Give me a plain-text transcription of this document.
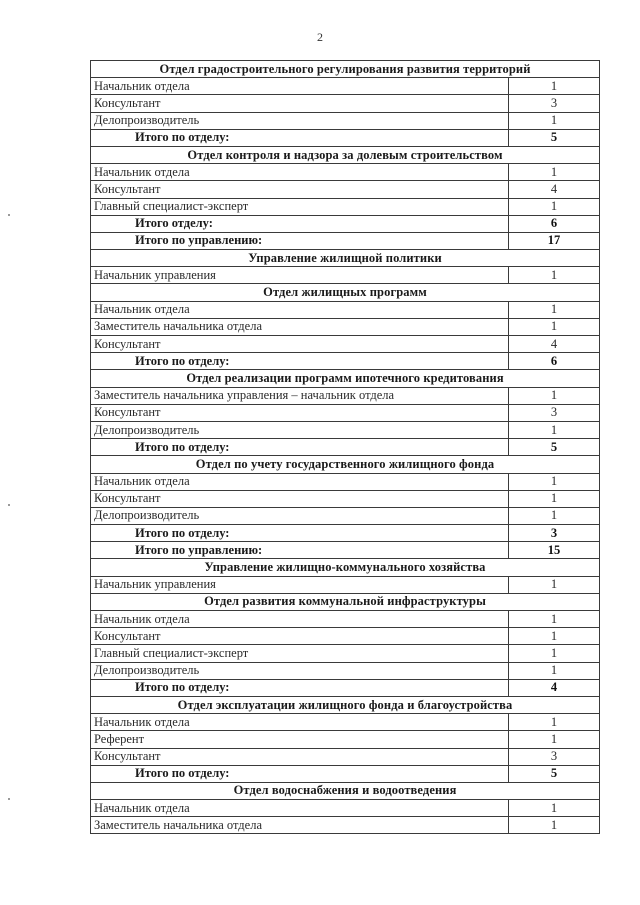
2
Отдел градостроительного регулирования развития территорий	
Начальник отдела	1
Консультант	3
Делопроизводитель	1
Итого по отделу:	5
Отдел контроля и надзора за долевым строительством	
Начальник отдела	1
Консультант	4
Главный специалист-эксперт	1
Итого отделу:	6
Итого по управлению:	17
Управление жилищной политики	
Начальник управления	1
Отдел жилищных программ	
Начальник отдела	1
Заместитель начальника отдела	1
Консультант	4
Итого по отделу:	6
Отдел реализации программ ипотечного кредитования	
Заместитель начальника управления – начальник отдела	1
Консультант	3
Делопроизводитель	1
Итого по отделу:	5
Отдел по учету государственного жилищного фонда	
Начальник отдела	1
Консультант	1
Делопроизводитель	1
Итого по отделу:	3
Итого по управлению:	15
Управление жилищно-коммунального хозяйства	
Начальник управления	1
Отдел развития коммунальной инфраструктуры	
Начальник отдела	1
Консультант	1
Главный специалист-эксперт	1
Делопроизводитель	1
Итого по отделу:	4
Отдел эксплуатации жилищного фонда и благоустройства	
Начальник отдела	1
Референт	1
Консультант	3
Итого по отделу:	5
Отдел водоснабжения и водоотведения	
Начальник отдела	1
Заместитель начальника отдела	1
